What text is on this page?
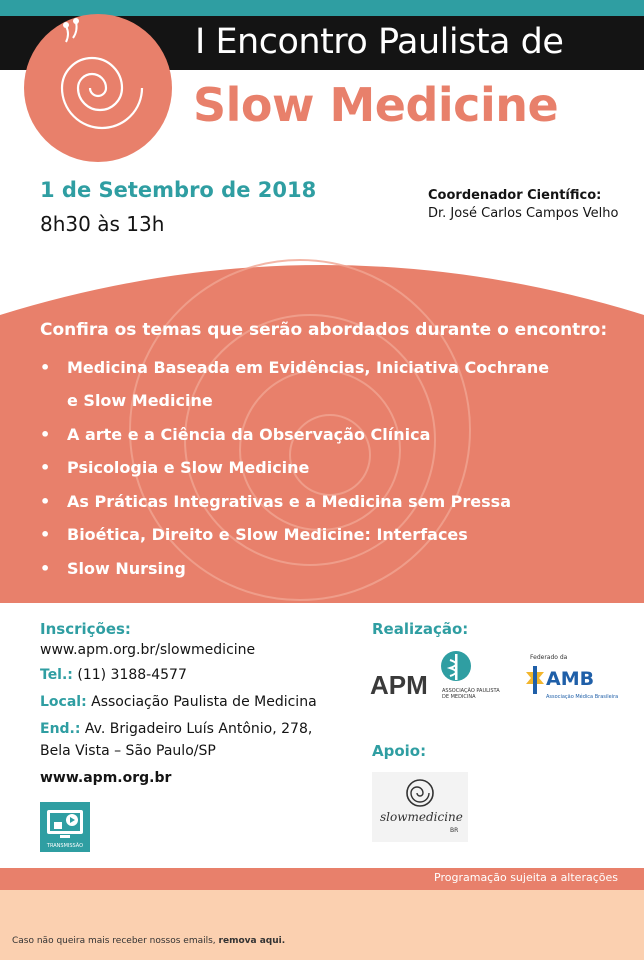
I Encontro Paulista de
Slow Medicine
1 de Setembro de 2018
8h30 às 13h
Coordenador Científico:
Dr. José Carlos Campos Velho
Confira os temas que serão abordados durante o encontro:
• Medicina Baseada em Evidências, Iniciativa Cochrane
e Slow Medicine
• A arte e a Ciência da Observação Clínica
• Psicologia e Slow Medicine
• As Práticas Integrativas e a Medicina sem Pressa
• Bioética, Direito e Slow Medicine: Interfaces
• Slow Nursing
Inscrições:
www.apm.org.br/slowmedicine
Tel.: (11) 3188-4577
Local: Associação Paulista de Medicina
End.: Av. Brigadeiro Luís Antônio, 278,
Bela Vista – São Paulo/SP
www.apm.org.br
TRANSMISSÃO
Realização:
APM	ASSOCIAÇÃO PAULISTA
DE MEDICINA
Federado da
AMB
Associação Médica Brasileira
Apoio:
slowmedicine
BR
Programação sujeita a alterações
Caso não queira mais receber nossos emails, remova aqui.
